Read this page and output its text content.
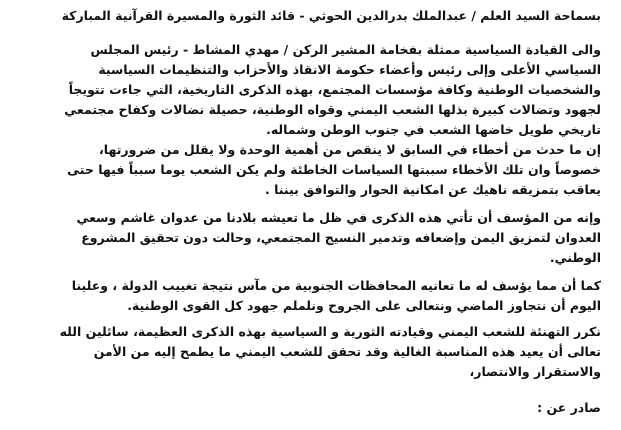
بسماحة السيد العلم / عبدالملك بدرالدين الحوثي - قائد الثورة والمسيرة القرآنية المباركة
والى القيادة السياسية ممثلة بفخامة المشير الركن / مهدي المشاط - رئيس المجلس
السياسي الأعلى وإلى رئيس وأعضاء حكومة الانقاذ والأحزاب والتنظيمات السياسية
والشخصيات الوطنية وكافة مؤسسات المجتمع، بهذه الذكرى التاريخية، التي جاءت تتويجاً
لجهود وتضالات كبيرة بذلها الشعب اليمني وقواه الوطنية، حصيلة نضالات وكفاح مجتمعي
تاريخي طويل خاضها الشعب في جنوب الوطن وشماله.
إن ما حدث من أخطاء في السابق لا ينقص من أهمية الوحدة ولا يقلل من ضرورتها،
خصوصاً وان تلك الأخطاء سببتها السياسات الخاطئة ولم يكن الشعب يوما سبباً فيها حتى
يعاقب بتمزيقه ناهيك عن امكانية الحوار والتوافق بيننا .
وإنه من المؤسف أن تأتي هذه الذكرى في ظل ما تعيشه بلادنا من عدوان غاشم وسعي
العدوان لتمزيق اليمن وإضعافه وتدمير النسيج المجتمعي، وحالت دون تحقيق المشروع
الوطني.
كما أن مما يؤسف له ما تعانيه المحافظات الجنوبية من مآس نتيجة تغييب الدولة ، وعلينا
اليوم أن نتجاوز الماضي ونتعالى على الجروح ونلملم جهود كل القوى الوطنية.
نكرر التهنئة للشعب اليمني وقيادته الثورية و السياسية بهذه الذكرى العظيمة، سائلين الله
تعالى أن يعيد هذه المناسبة الغالية وقد تحقق للشعب اليمني ما يطمح إليه من الأمن
والاستقرار والانتصار،
صادر عن :
